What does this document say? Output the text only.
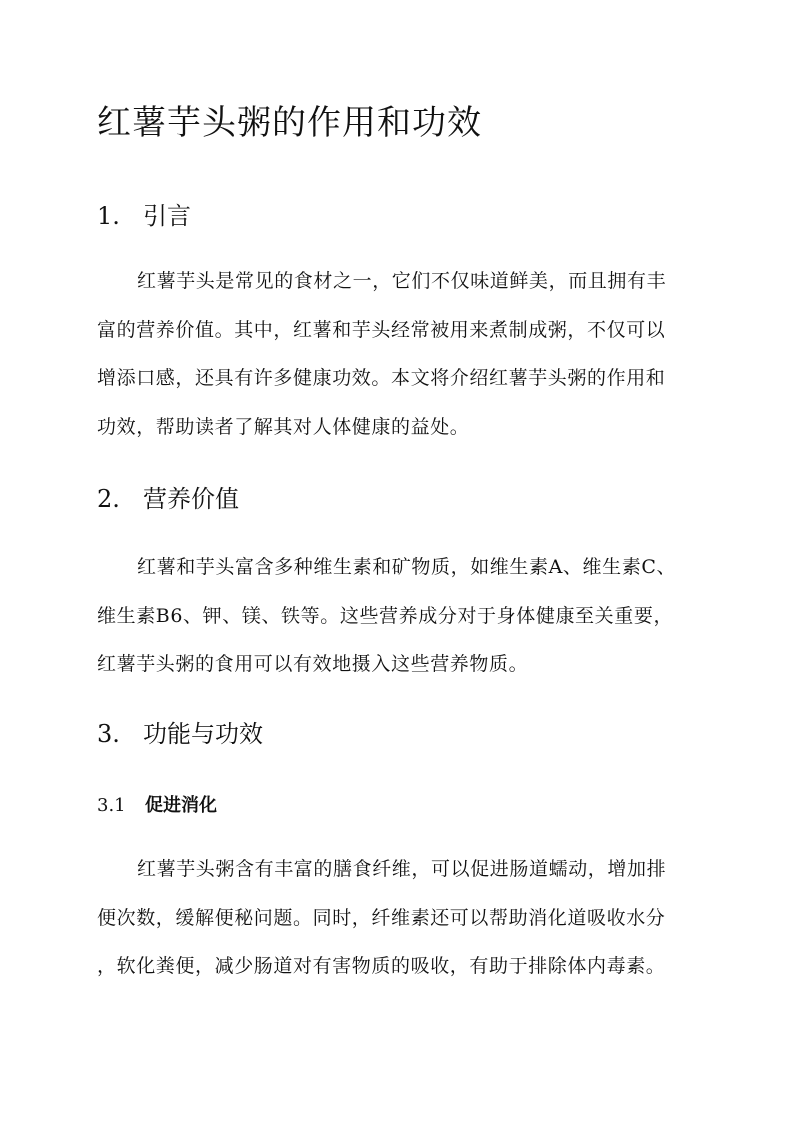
红薯芋头粥的作用和功效
1. 引言
红薯芋头是常见的食材之一，它们不仅味道鲜美，而且拥有丰
富的营养价值。其中，红薯和芋头经常被用来煮制成粥，不仅可以
增添口感，还具有许多健康功效。本文将介绍红薯芋头粥的作用和
功效，帮助读者了解其对人体健康的益处。
2. 营养价值
红薯和芋头富含多种维生素和矿物质，如维生素A、维生素C、
维生素B6、钾、镁、铁等。这些营养成分对于身体健康至关重要，
红薯芋头粥的食用可以有效地摄入这些营养物质。
3. 功能与功效
3.1 促进消化
红薯芋头粥含有丰富的膳食纤维，可以促进肠道蠕动，增加排
便次数，缓解便秘问题。同时，纤维素还可以帮助消化道吸收水分
，软化粪便，减少肠道对有害物质的吸收，有助于排除体内毒素。
